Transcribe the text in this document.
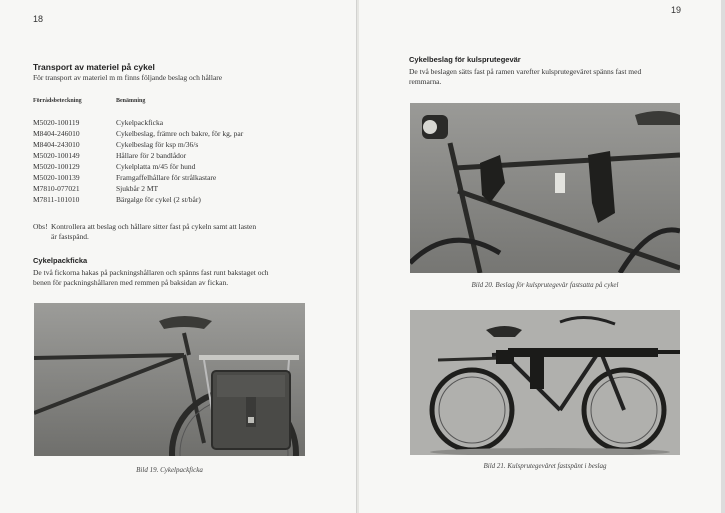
18
Transport av materiel på cykel
För transport av materiel m m finns följande beslag och hållare
Förrådsbeteckning	Benämning
M5020-100119	Cykelpackficka
M8404-246010	Cykelbeslag, främre och bakre, för kg, par
M8404-243010	Cykelbeslag för ksp m/36/s
M5020-100149	Hållare för 2 bandlådor
M5020-100129	Cykelplatta m/45 för hund
M5020-100139	Framgaffelhållare för strålkastare
M7810-077021	Sjukbår 2 MT
M7811-101010	Bärgalge för cykel (2 st/bår)
Obs! Kontrollera att beslag och hållare sitter fast på cykeln samt att lasten
är fastspänd.
Cykelpackficka
De två fickorna hakas på packningshållaren och spänns fast runt bakstaget och
benen för packningshållaren med remmen på baksidan av fickan.
Bild 19. Cykelpackficka
19
Cykelbeslag för kulsprutegevär
De två beslagen sätts fast på ramen varefter kulsprutegeväret spänns fast med
remmarna.
Bild 20. Beslag för kulsprutegevär fastsatta på cykel
Bild 21. Kulsprutegeväret fastspänt i beslag
